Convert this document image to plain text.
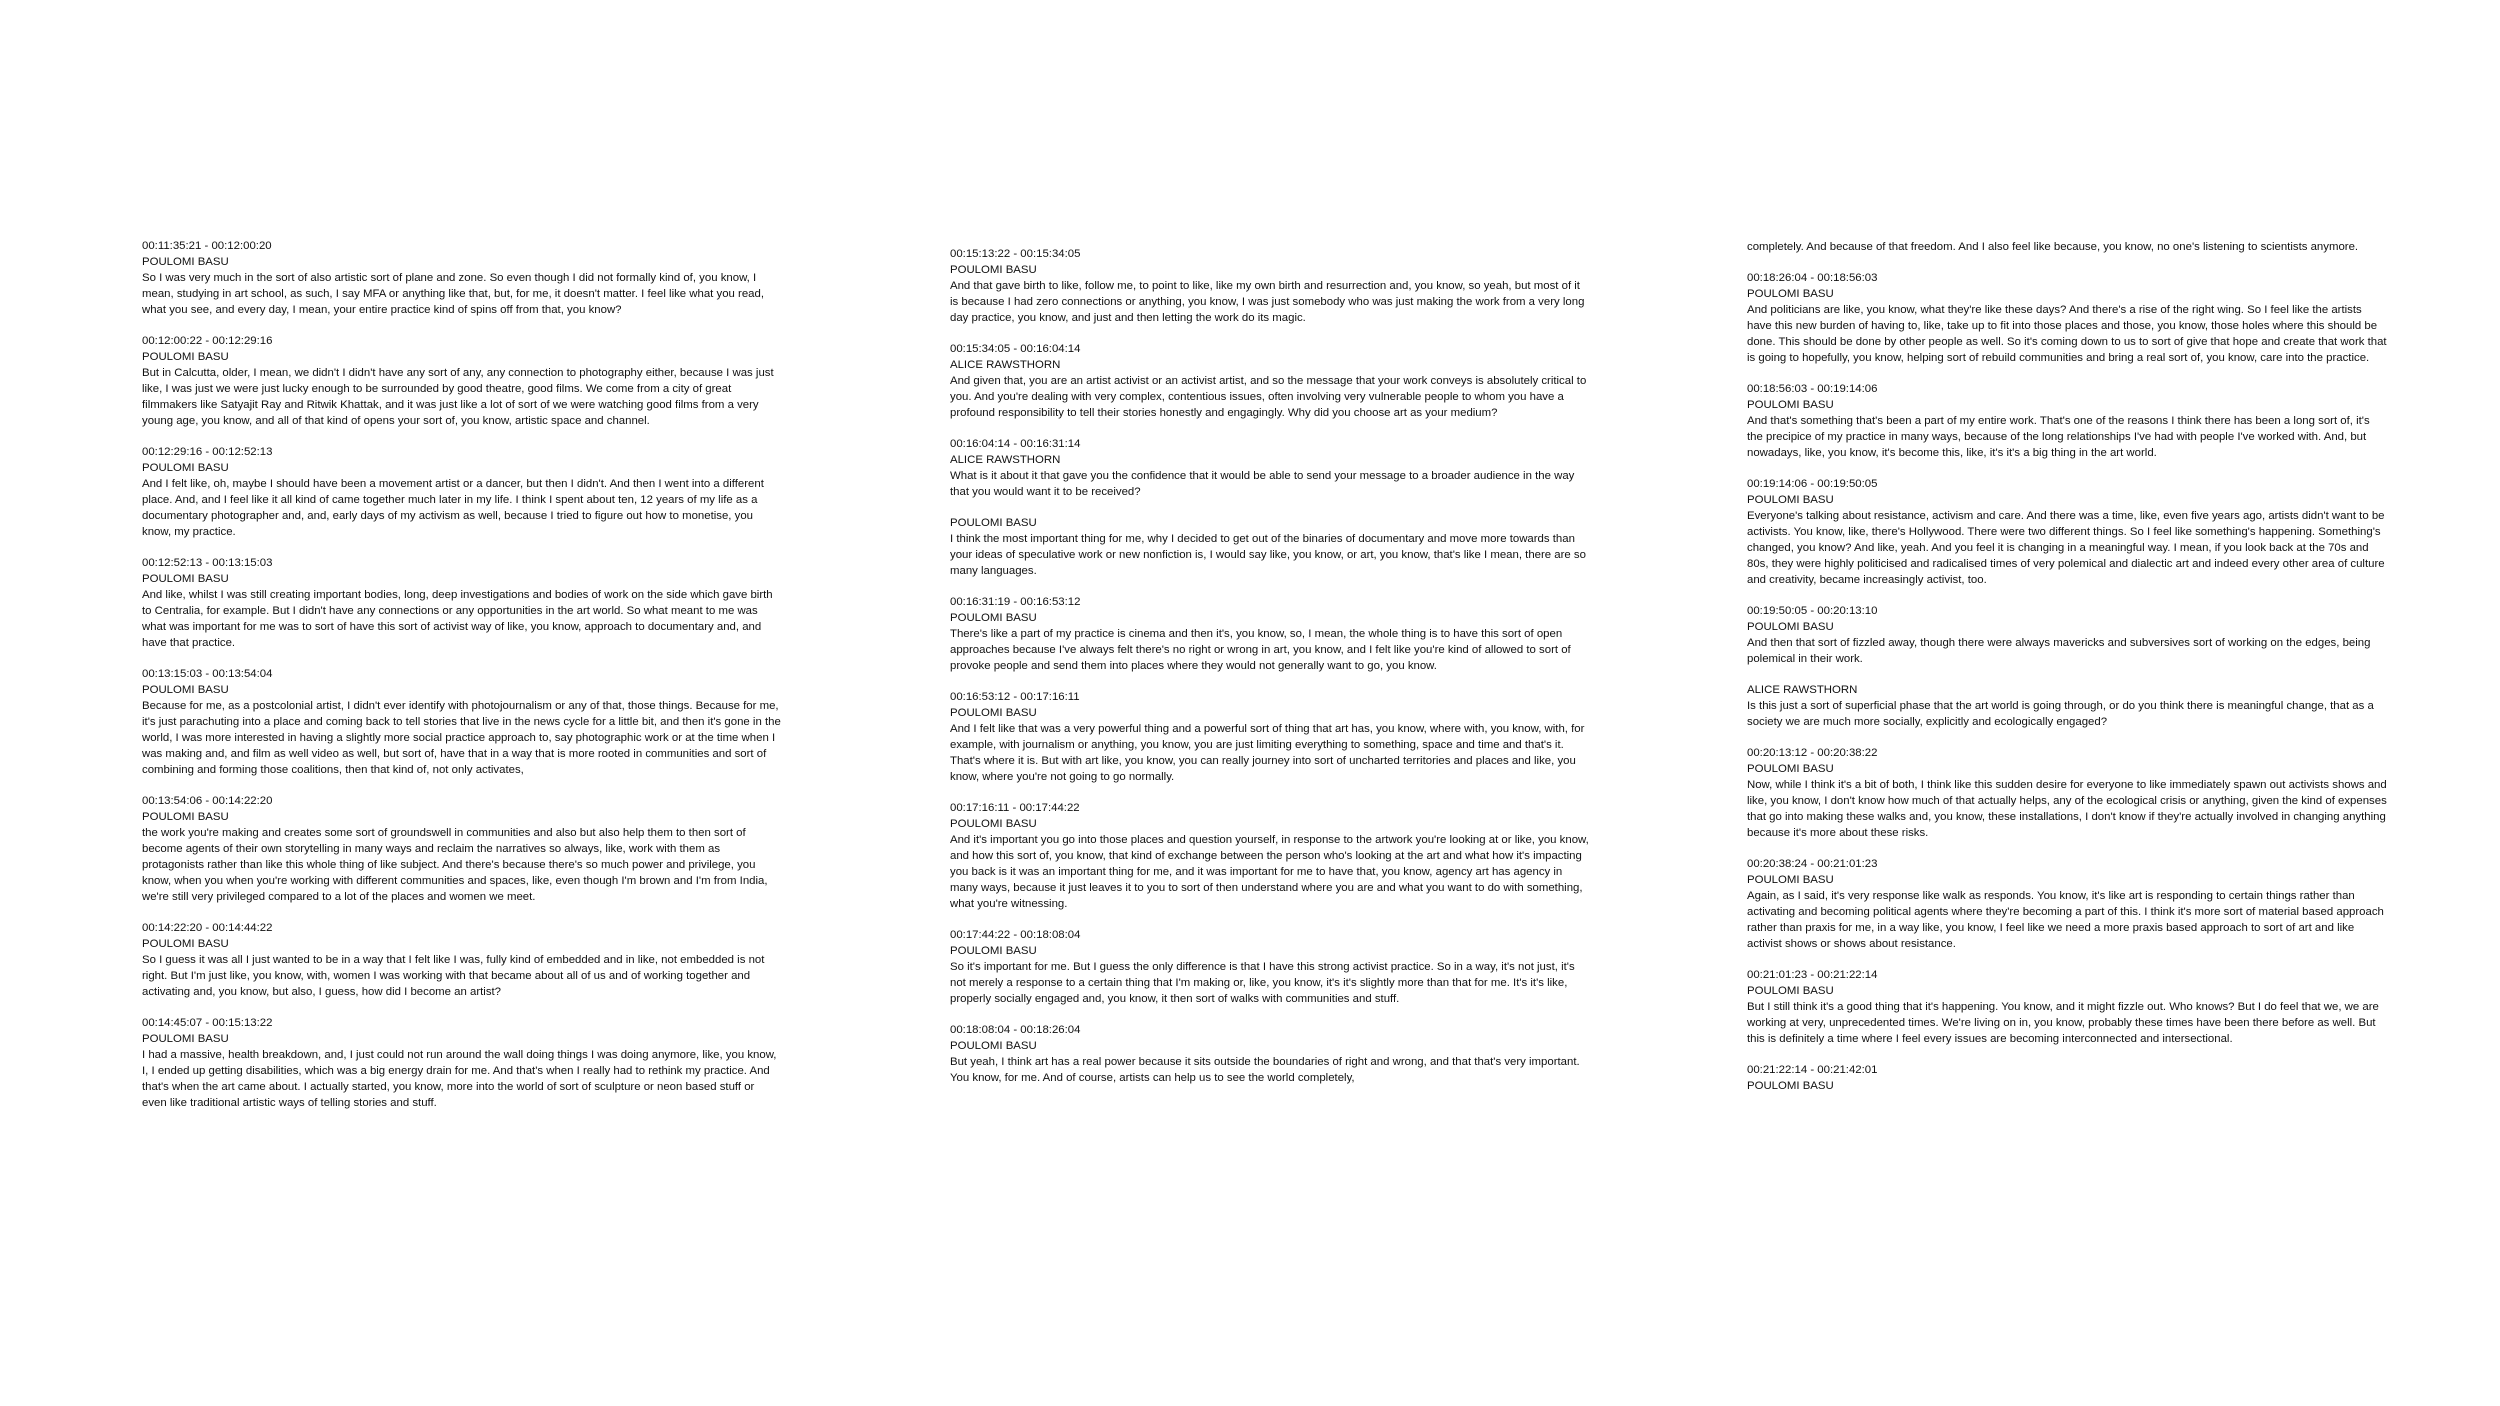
00:11:35:21 - 00:12:00:20
POULOMI BASU
So I was very much in the sort of also artistic sort of plane and zone. So even though I did not formally kind of, you know, I mean, studying in art school, as such, I say MFA or anything like that, but, for me, it doesn't matter. I feel like what you read, what you see, and every day, I mean, your entire practice kind of spins off from that, you know?
00:12:00:22 - 00:12:29:16
POULOMI BASU
But in Calcutta, older, I mean, we didn't I didn't have any sort of any, any connection to photography either, because I was just like, I was just we were just lucky enough to be surrounded by good theatre, good films. We come from a city of great filmmakers like Satyajit Ray and Ritwik Khattak, and it was just like a lot of sort of we were watching good films from a very young age, you know, and all of that kind of opens your sort of, you know, artistic space and channel.
00:12:29:16 - 00:12:52:13
POULOMI BASU
And I felt like, oh, maybe I should have been a movement artist or a dancer, but then I didn't. And then I went into a different place. And, and I feel like it all kind of came together much later in my life. I think I spent about ten, 12 years of my life as a documentary photographer and, and, early days of my activism as well, because I tried to figure out how to monetise, you know, my practice.
00:12:52:13 - 00:13:15:03
POULOMI BASU
And like, whilst I was still creating important bodies, long, deep investigations and bodies of work on the side which gave birth to Centralia, for example. But I didn't have any connections or any opportunities in the art world. So what meant to me was what was important for me was to sort of have this sort of activist way of like, you know, approach to documentary and, and have that practice.
00:13:15:03 - 00:13:54:04
POULOMI BASU
Because for me, as a postcolonial artist, I didn't ever identify with photojournalism or any of that, those things. Because for me, it's just parachuting into a place and coming back to tell stories that live in the news cycle for a little bit, and then it's gone in the world, I was more interested in having a slightly more social practice approach to, say photographic work or at the time when I was making and, and film as well video as well, but sort of, have that in a way that is more rooted in communities and sort of combining and forming those coalitions, then that kind of, not only activates,
00:13:54:06 - 00:14:22:20
POULOMI BASU
the work you're making and creates some sort of groundswell in communities and also but also help them to then sort of become agents of their own storytelling in many ways and reclaim the narratives so always, like, work with them as protagonists rather than like this whole thing of like subject. And there's because there's so much power and privilege, you know, when you when you're working with different communities and spaces, like, even though I'm brown and I'm from India, we're still very privileged compared to a lot of the places and women we meet.
00:14:22:20 - 00:14:44:22
POULOMI BASU
So I guess it was all I just wanted to be in a way that I felt like I was, fully kind of embedded and in like, not embedded is not right. But I'm just like, you know, with, women I was working with that became about all of us and of working together and activating and, you know, but also, I guess, how did I become an artist?
00:14:45:07 - 00:15:13:22
POULOMI BASU
I had a massive, health breakdown, and, I just could not run around the wall doing things I was doing anymore, like, you know, I, I ended up getting disabilities, which was a big energy drain for me. And that's when I really had to rethink my practice. And that's when the art came about. I actually started, you know, more into the world of sort of sculpture or neon based stuff or even like traditional artistic ways of telling stories and stuff.
00:15:13:22 - 00:15:34:05
POULOMI BASU
And that gave birth to like, follow me, to point to like, like my own birth and resurrection and, you know, so yeah, but most of it is because I had zero connections or anything, you know, I was just somebody who was just making the work from a very long day practice, you know, and just and then letting the work do its magic.
00:15:34:05 - 00:16:04:14
ALICE RAWSTHORN
And given that, you are an artist activist or an activist artist, and so the message that your work conveys is absolutely critical to you. And you're dealing with very complex, contentious issues, often involving very vulnerable people to whom you have a profound responsibility to tell their stories honestly and engagingly. Why did you choose art as your medium?
00:16:04:14 - 00:16:31:14
ALICE RAWSTHORN
What is it about it that gave you the confidence that it would be able to send your message to a broader audience in the way that you would want it to be received?
POULOMI BASU
I think the most important thing for me, why I decided to get out of the binaries of documentary and move more towards than your ideas of speculative work or new nonfiction is, I would say like, you know, or art, you know, that's like I mean, there are so many languages.
00:16:31:19 - 00:16:53:12
POULOMI BASU
There's like a part of my practice is cinema and then it's, you know, so, I mean, the whole thing is to have this sort of open approaches because I've always felt there's no right or wrong in art, you know, and I felt like you're kind of allowed to sort of provoke people and send them into places where they would not generally want to go, you know.
00:16:53:12 - 00:17:16:11
POULOMI BASU
And I felt like that was a very powerful thing and a powerful sort of thing that art has, you know, where with, you know, with, for example, with journalism or anything, you know, you are just limiting everything to something, space and time and that's it. That's where it is. But with art like, you know, you can really journey into sort of uncharted territories and places and like, you know, where you're not going to go normally.
00:17:16:11 - 00:17:44:22
POULOMI BASU
And it's important you go into those places and question yourself, in response to the artwork you're looking at or like, you know, and how this sort of, you know, that kind of exchange between the person who's looking at the art and what how it's impacting you back is it was an important thing for me, and it was important for me to have that, you know, agency art has agency in many ways, because it just leaves it to you to sort of then understand where you are and what you want to do with something, what you're witnessing.
00:17:44:22 - 00:18:08:04
POULOMI BASU
So it's important for me. But I guess the only difference is that I have this strong activist practice. So in a way, it's not just, it's not merely a response to a certain thing that I'm making or, like, you know, it's it's slightly more than that for me. It's it's like, properly socially engaged and, you know, it then sort of walks with communities and stuff.
00:18:08:04 - 00:18:26:04
POULOMI BASU
But yeah, I think art has a real power because it sits outside the boundaries of right and wrong, and that that's very important. You know, for me. And of course, artists can help us to see the world completely,
completely. And because of that freedom. And I also feel like because, you know, no one's listening to scientists anymore.
00:18:26:04 - 00:18:56:03
POULOMI BASU
And politicians are like, you know, what they're like these days? And there's a rise of the right wing. So I feel like the artists have this new burden of having to, like, take up to fit into those places and those, you know, those holes where this should be done. This should be done by other people as well. So it's coming down to us to sort of give that hope and create that work that is going to hopefully, you know, helping sort of rebuild communities and bring a real sort of, you know, care into the practice.
00:18:56:03 - 00:19:14:06
POULOMI BASU
And that's something that's been a part of my entire work. That's one of the reasons I think there has been a long sort of, it's the precipice of my practice in many ways, because of the long relationships I've had with people I've worked with. And, but nowadays, like, you know, it's become this, like, it's it's a big thing in the art world.
00:19:14:06 - 00:19:50:05
POULOMI BASU
Everyone's talking about resistance, activism and care. And there was a time, like, even five years ago, artists didn't want to be activists. You know, like, there's Hollywood. There were two different things. So I feel like something's happening. Something's changed, you know? And like, yeah. And you feel it is changing in a meaningful way. I mean, if you look back at the 70s and 80s, they were highly politicised and radicalised times of very polemical and dialectic art and indeed every other area of culture and creativity, became increasingly activist, too.
00:19:50:05 - 00:20:13:10
POULOMI BASU
And then that sort of fizzled away, though there were always mavericks and subversives sort of working on the edges, being polemical in their work.
ALICE RAWSTHORN
Is this just a sort of superficial phase that the art world is going through, or do you think there is meaningful change, that as a society we are much more socially, explicitly and ecologically engaged?
00:20:13:12 - 00:20:38:22
POULOMI BASU
Now, while I think it's a bit of both, I think like this sudden desire for everyone to like immediately spawn out activists shows and like, you know, I don't know how much of that actually helps, any of the ecological crisis or anything, given the kind of expenses that go into making these walks and, you know, these installations, I don't know if they're actually involved in changing anything because it's more about these risks.
00:20:38:24 - 00:21:01:23
POULOMI BASU
Again, as I said, it's very response like walk as responds. You know, it's like art is responding to certain things rather than activating and becoming political agents where they're becoming a part of this. I think it's more sort of material based approach rather than praxis for me, in a way like, you know, I feel like we need a more praxis based approach to sort of art and like activist shows or shows about resistance.
00:21:01:23 - 00:21:22:14
POULOMI BASU
But I still think it's a good thing that it's happening. You know, and it might fizzle out. Who knows? But I do feel that we, we are working at very, unprecedented times. We're living on in, you know, probably these times have been there before as well. But this is definitely a time where I feel every issues are becoming interconnected and intersectional.
00:21:22:14 - 00:21:42:01
POULOMI BASU
